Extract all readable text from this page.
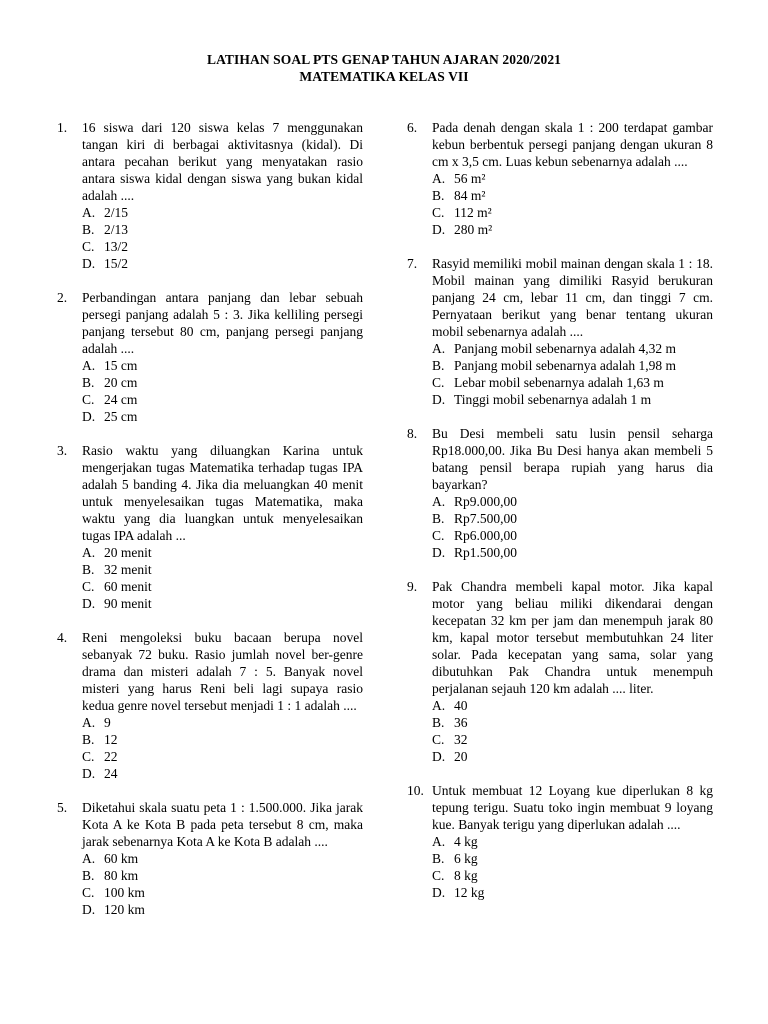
LATIHAN SOAL PTS GENAP TAHUN AJARAN 2020/2021
MATEMATIKA KELAS VII
1. 16 siswa dari 120 siswa kelas 7 menggunakan tangan kiri di berbagai aktivitasnya (kidal). Di antara pecahan berikut yang menyatakan rasio antara siswa kidal dengan siswa yang bukan kidal adalah ....
A. 2/15
B. 2/13
C. 13/2
D. 15/2
2. Perbandingan antara panjang dan lebar sebuah persegi panjang adalah 5 : 3. Jika kelliling persegi panjang tersebut 80 cm, panjang persegi panjang adalah ....
A. 15 cm
B. 20 cm
C. 24 cm
D. 25 cm
3. Rasio waktu yang diluangkan Karina untuk mengerjakan tugas Matematika terhadap tugas IPA adalah 5 banding 4. Jika dia meluangkan 40 menit untuk menyelesaikan tugas Matematika, maka waktu yang dia luangkan untuk menyelesaikan tugas IPA adalah ...
A. 20 menit
B. 32 menit
C. 60 menit
D. 90 menit
4. Reni mengoleksi buku bacaan berupa novel sebanyak 72 buku. Rasio jumlah novel ber-genre drama dan misteri adalah 7 : 5. Banyak novel misteri yang harus Reni beli lagi supaya rasio kedua genre novel tersebut menjadi 1 : 1 adalah ....
A. 9
B. 12
C. 22
D. 24
5. Diketahui skala suatu peta 1 : 1.500.000. Jika jarak Kota A ke Kota B pada peta tersebut 8 cm, maka jarak sebenarnya Kota A ke Kota B adalah ....
A. 60 km
B. 80 km
C. 100 km
D. 120 km
6. Pada denah dengan skala 1 : 200 terdapat gambar kebun berbentuk persegi panjang dengan ukuran 8 cm x 3,5 cm. Luas kebun sebenarnya adalah ....
A. 56 m²
B. 84 m²
C. 112 m²
D. 280 m²
7. Rasyid memiliki mobil mainan dengan skala 1 : 18. Mobil mainan yang dimiliki Rasyid berukuran panjang 24 cm, lebar 11 cm, dan tinggi 7 cm. Pernyataan berikut yang benar tentang ukuran mobil sebenarnya adalah ....
A. Panjang mobil sebenarnya adalah 4,32 m
B. Panjang mobil sebenarnya adalah 1,98 m
C. Lebar mobil sebenarnya adalah 1,63 m
D. Tinggi mobil sebenarnya adalah 1 m
8. Bu Desi membeli satu lusin pensil seharga Rp18.000,00. Jika Bu Desi hanya akan membeli 5 batang pensil berapa rupiah yang harus dia bayarkan?
A. Rp9.000,00
B. Rp7.500,00
C. Rp6.000,00
D. Rp1.500,00
9. Pak Chandra membeli kapal motor. Jika kapal motor yang beliau miliki dikendarai dengan kecepatan 32 km per jam dan menempuh jarak 80 km, kapal motor tersebut membutuhkan 24 liter solar. Pada kecepatan yang sama, solar yang dibutuhkan Pak Chandra untuk menempuh perjalanan sejauh 120 km adalah .... liter.
A. 40
B. 36
C. 32
D. 20
10. Untuk membuat 12 Loyang kue diperlukan 8 kg tepung terigu. Suatu toko ingin membuat 9 loyang kue. Banyak terigu yang diperlukan adalah ....
A. 4 kg
B. 6 kg
C. 8 kg
D. 12 kg
